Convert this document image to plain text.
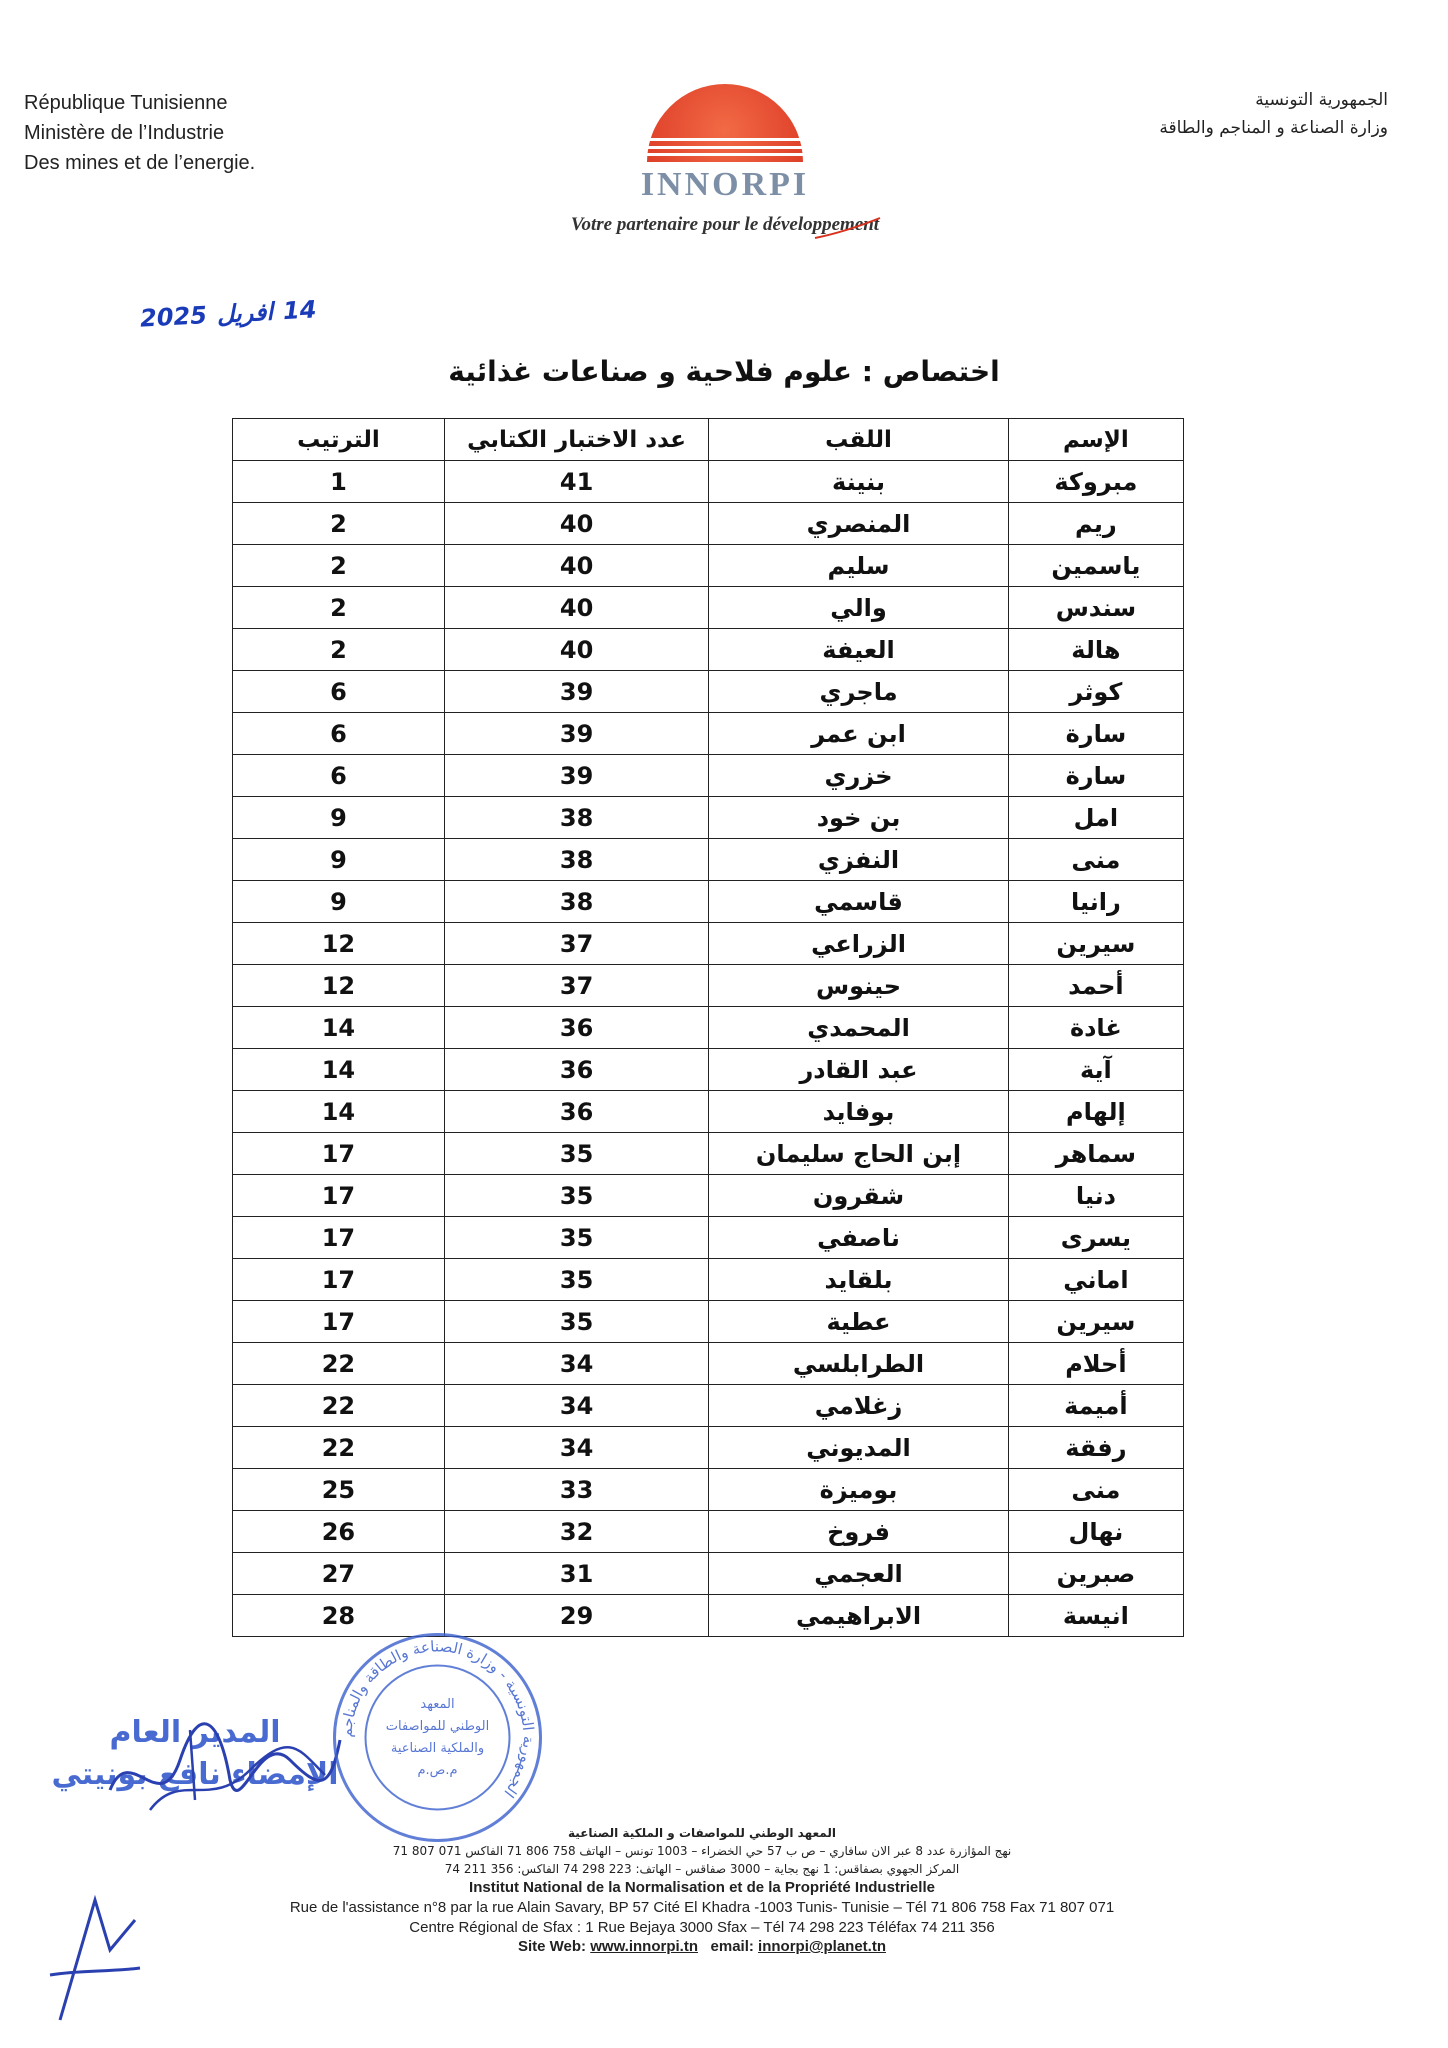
République Tunisienne
Ministère de l’Industrie
Des mines et de l’energie.
الجمهورية التونسية
وزارة الصناعة و المناجم والطاقة
INNORPI
Votre partenaire pour le développement
14
افريل
2025
اختصاص : علوم فلاحية و صناعات غذائية
الإسم	اللقب	عدد الاختبار الكتابي	الترتيب
مبروكة	بنينة	41	1
ريم	المنصري	40	2
ياسمين	سليم	40	2
سندس	والي	40	2
هالة	العيفة	40	2
كوثر	ماجري	39	6
سارة	ابن عمر	39	6
سارة	خزري	39	6
امل	بن خود	38	9
منى	النفزي	38	9
رانيا	قاسمي	38	9
سيرين	الزراعي	37	12
أحمد	حينوس	37	12
غادة	المحمدي	36	14
آية	عبد القادر	36	14
إلهام	بوفايد	36	14
سماهر	إبن الحاج سليمان	35	17
دنيا	شقرون	35	17
يسرى	ناصفي	35	17
اماني	بلقايد	35	17
سيرين	عطية	35	17
أحلام	الطرابلسي	34	22
أميمة	زغلامي	34	22
رفقة	المديوني	34	22
منى	بوميزة	33	25
نهال	فروخ	32	26
صبرين	العجمي	31	27
انيسة	الابراهيمي	29	28
المدير العام
الإمضاء نافع بونيتي
الجمهورية التونسية - وزارة الصناعة والطاقة والمناجم
المعهد
الوطني للمواصفات
والملكية الصناعية
م.ص.م
المعهد الوطني للمواصفات و الملكية الصناعية
نهج المؤازرة عدد 8 عبر الان سافاري – ص ب 57 حي الخضراء – 1003 تونس – الهاتف 758 806 71 الفاكس 071 807 71
المركز الجهوي بصفاقس: 1 نهج بجاية – 3000 صفاقس – الهاتف: 223 298 74 الفاكس: 356 211 74
Institut National de la Normalisation et de la Propriété Industrielle
Rue de l'assistance n°8 par la rue Alain Savary, BP 57 Cité El Khadra -1003 Tunis- Tunisie – Tél 71 806 758 Fax 71 807 071
Centre Régional de Sfax : 1 Rue Bejaya 3000 Sfax – Tél 74 298 223 Téléfax 74 211 356
Site Web: www.innorpi.tn email: innorpi@planet.tn
